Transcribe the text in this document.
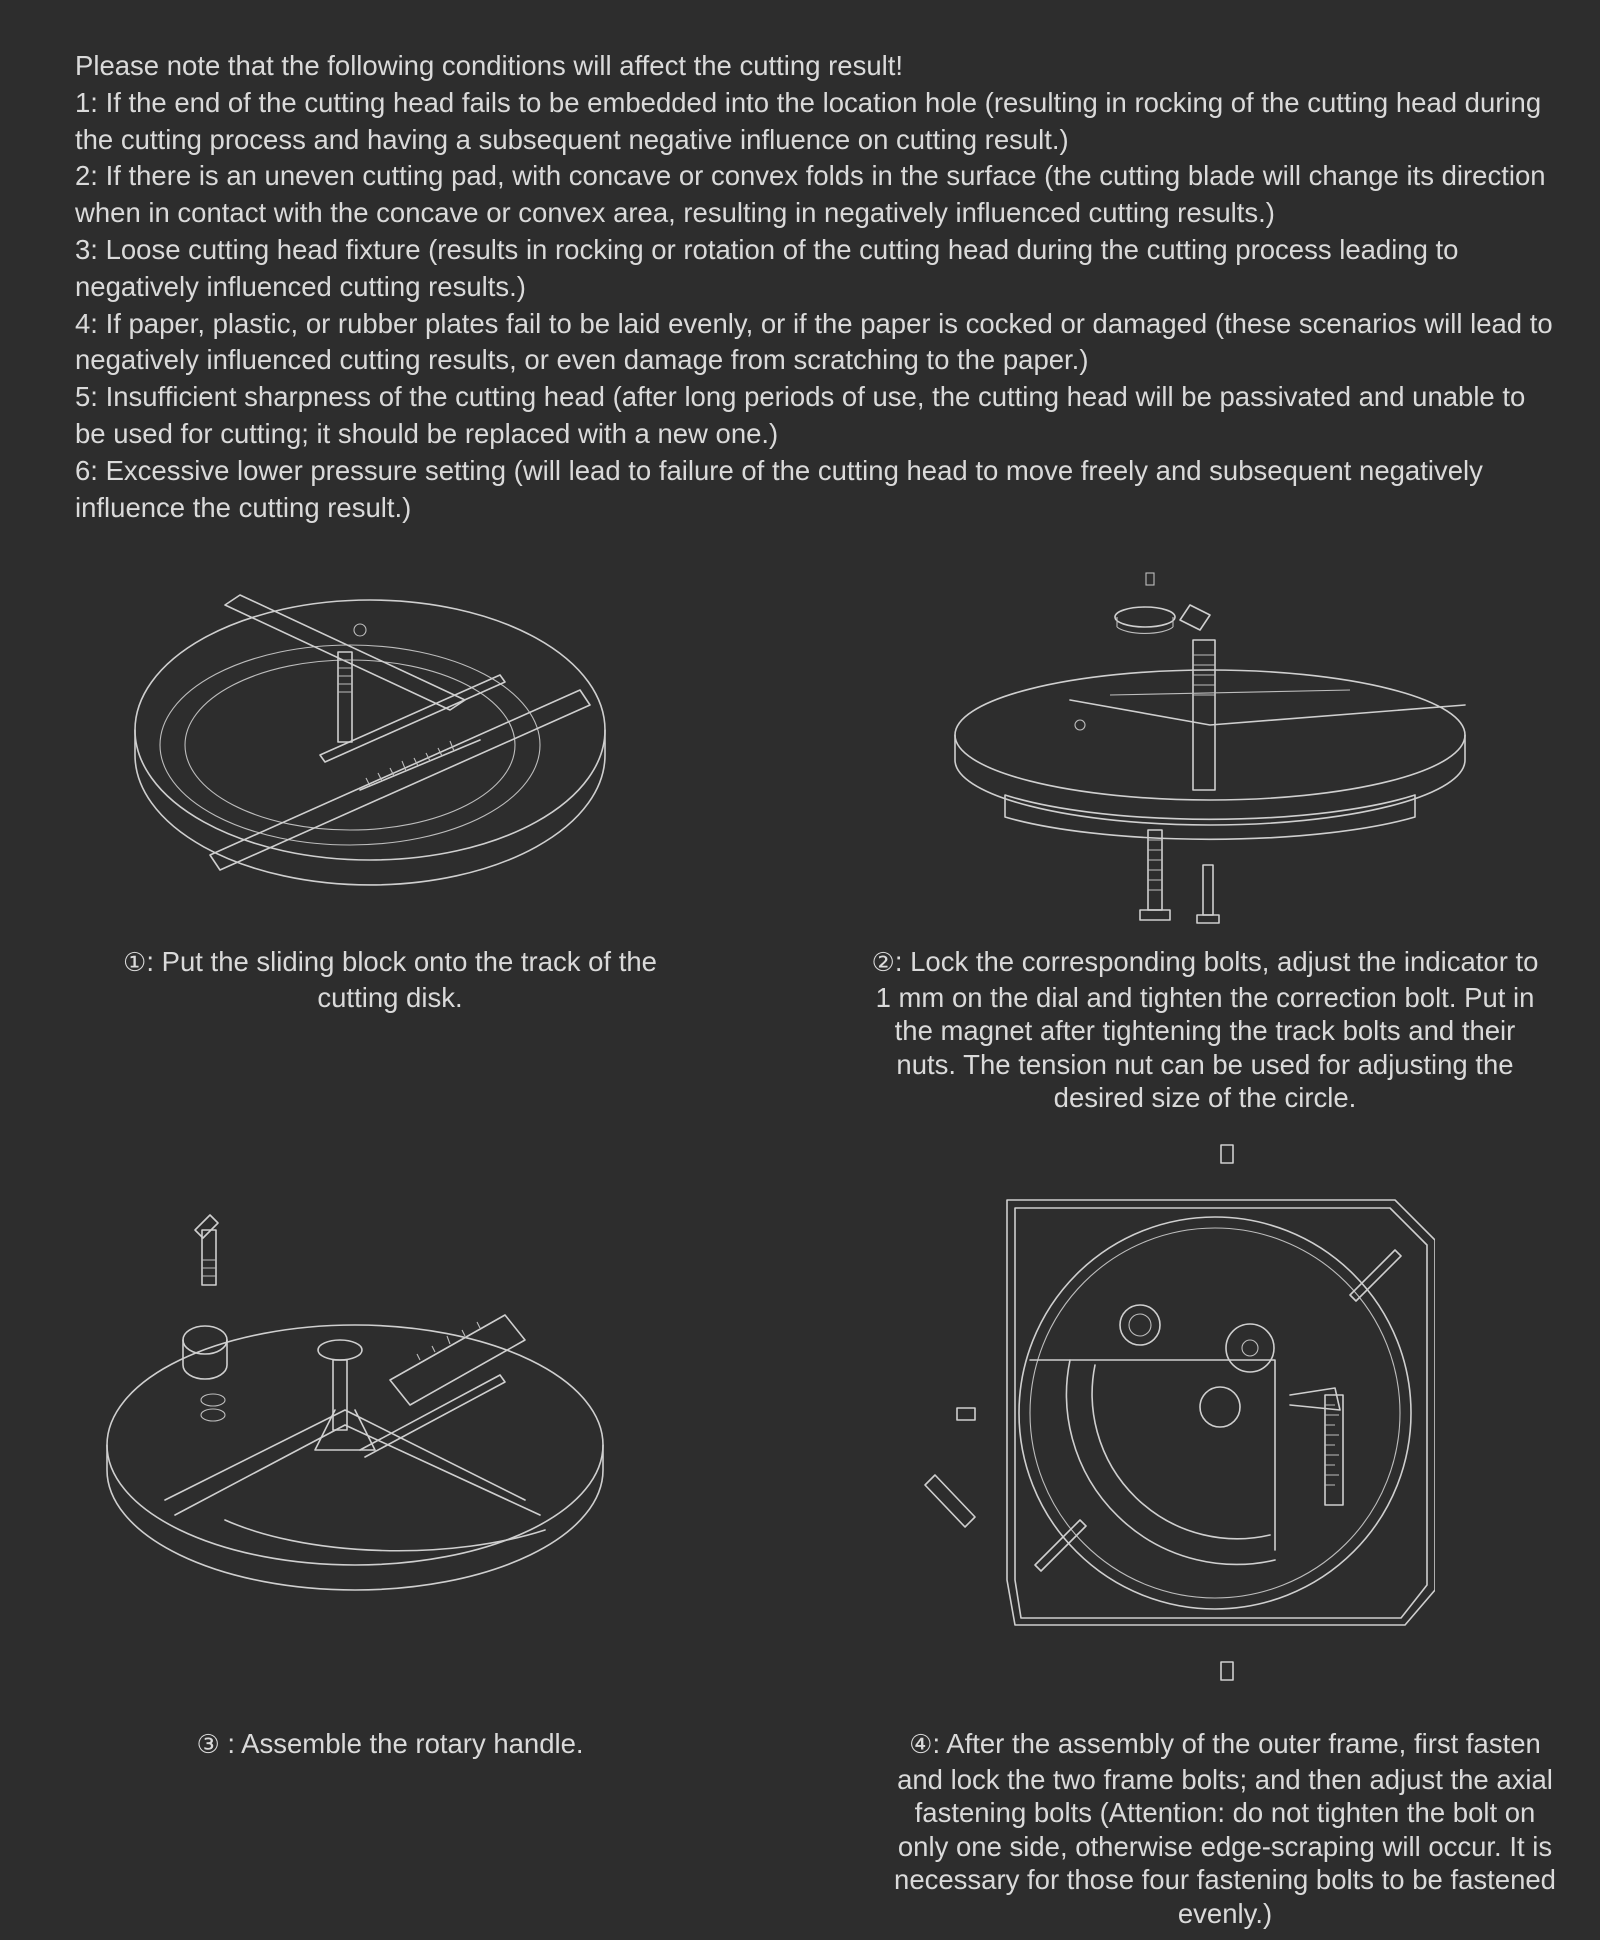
Please note that the following conditions will affect the cutting result!

1: If the end of the cutting head fails to be embedded into the location hole (resulting in rocking of the cutting head during the cutting process and having a subsequent negative influence on cutting result.)

2: If there is an uneven cutting pad, with concave or convex folds in the surface (the cutting blade will change its direction when in contact with the concave or convex area, resulting in negatively influenced cutting results.)

3: Loose cutting head fixture (results in rocking or rotation of the cutting head during the cutting process leading to negatively influenced cutting results.)

4: If paper, plastic, or rubber plates fail to be laid evenly, or if the paper is cocked or damaged (these scenarios will lead to negatively influenced cutting results, or even damage from scratching to the paper.)

5: Insufficient sharpness of the cutting head (after long periods of use, the cutting head will be passivated and unable to be used for cutting; it should be replaced with a new one.)

6: Excessive lower pressure setting (will lead to failure of the cutting head to move freely and subsequent negatively influence the cutting result.)

①: Put the sliding block onto the track of the cutting disk.
②: Lock the corresponding bolts, adjust the indicator to 1 mm on the dial and tighten the correction bolt. Put in the magnet after tightening the track bolts and their nuts. The tension nut can be used for adjusting the desired size of the circle.
③ : Assemble the rotary handle.	④: After the assembly of the outer frame, first fasten and lock the two frame bolts; and then adjust the axial fastening bolts (Attention: do not tighten the bolt on only one side, otherwise edge-scraping will occur. It is necessary for those four fastening bolts to be fastened evenly.)
